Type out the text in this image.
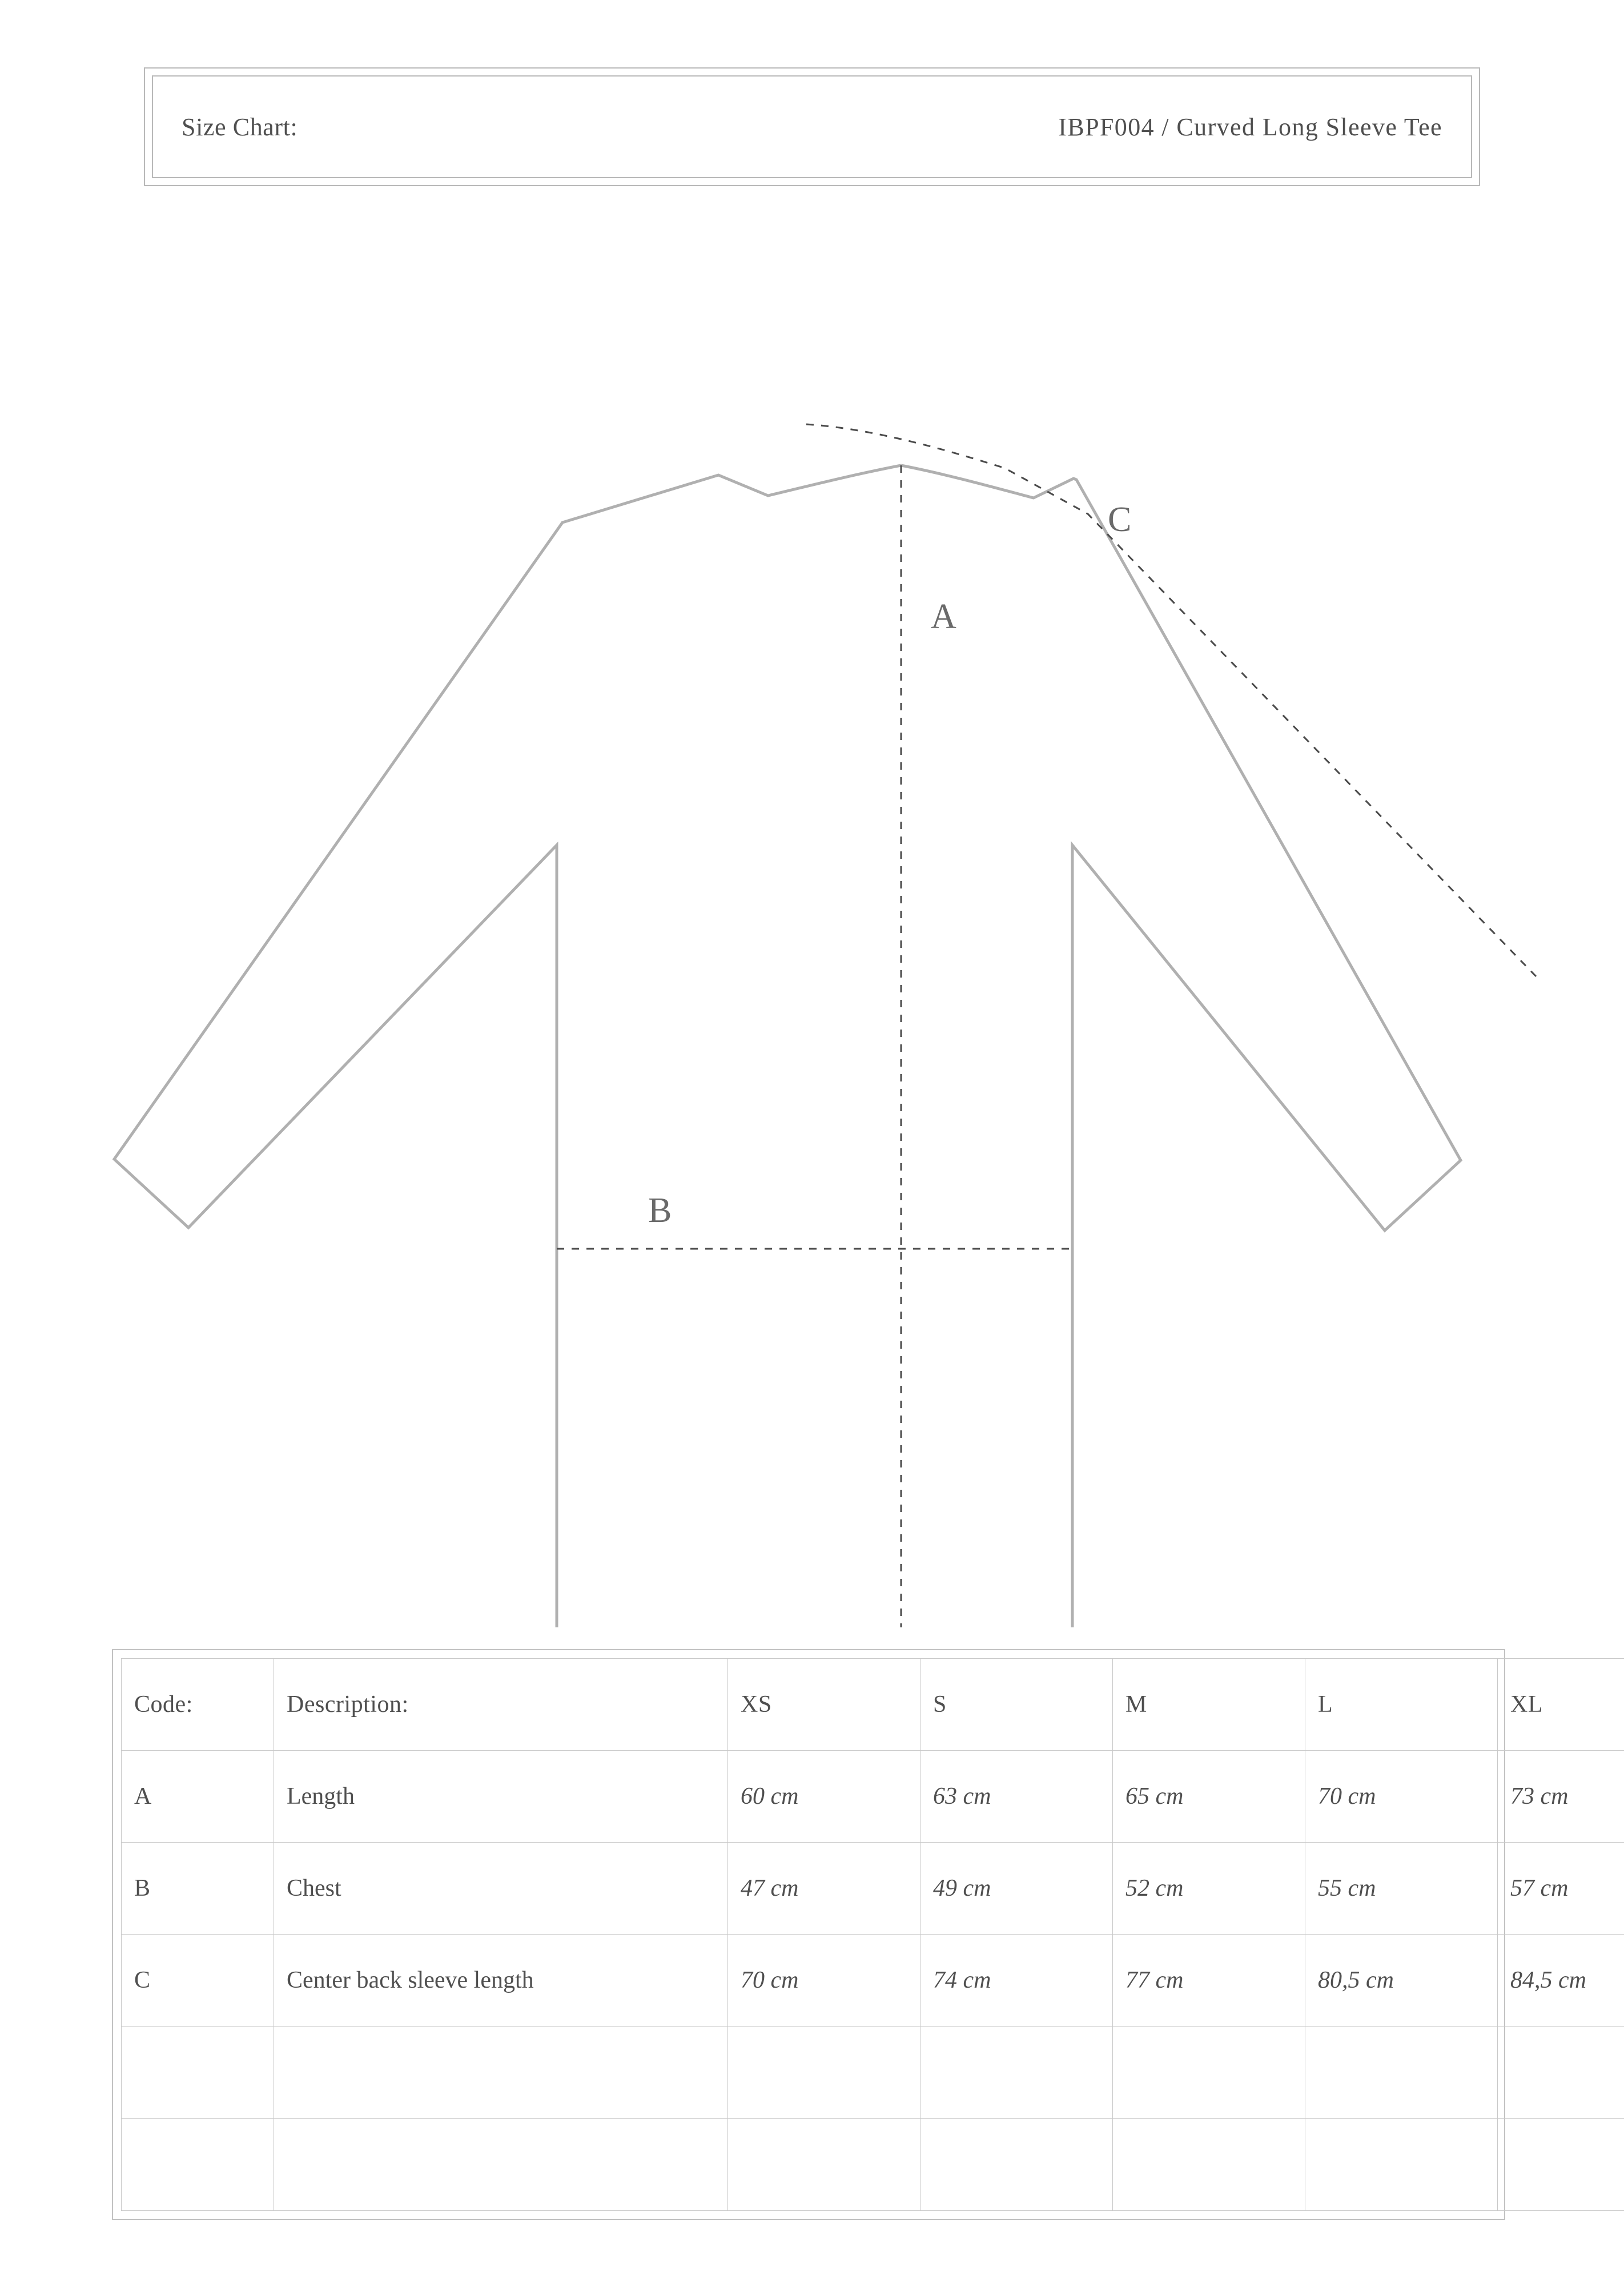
Size Chart:	IBPF004 / Curved Long Sleeve Tee
A
B
C
Code:	Description:	XS	S	M	L	XL
A	Length	60 cm	63 cm	65 cm	70 cm	73 cm
B	Chest	47 cm	49 cm	52 cm	55 cm	57 cm
C	Center back sleeve length	70 cm	74 cm	77 cm	80,5 cm	84,5 cm
